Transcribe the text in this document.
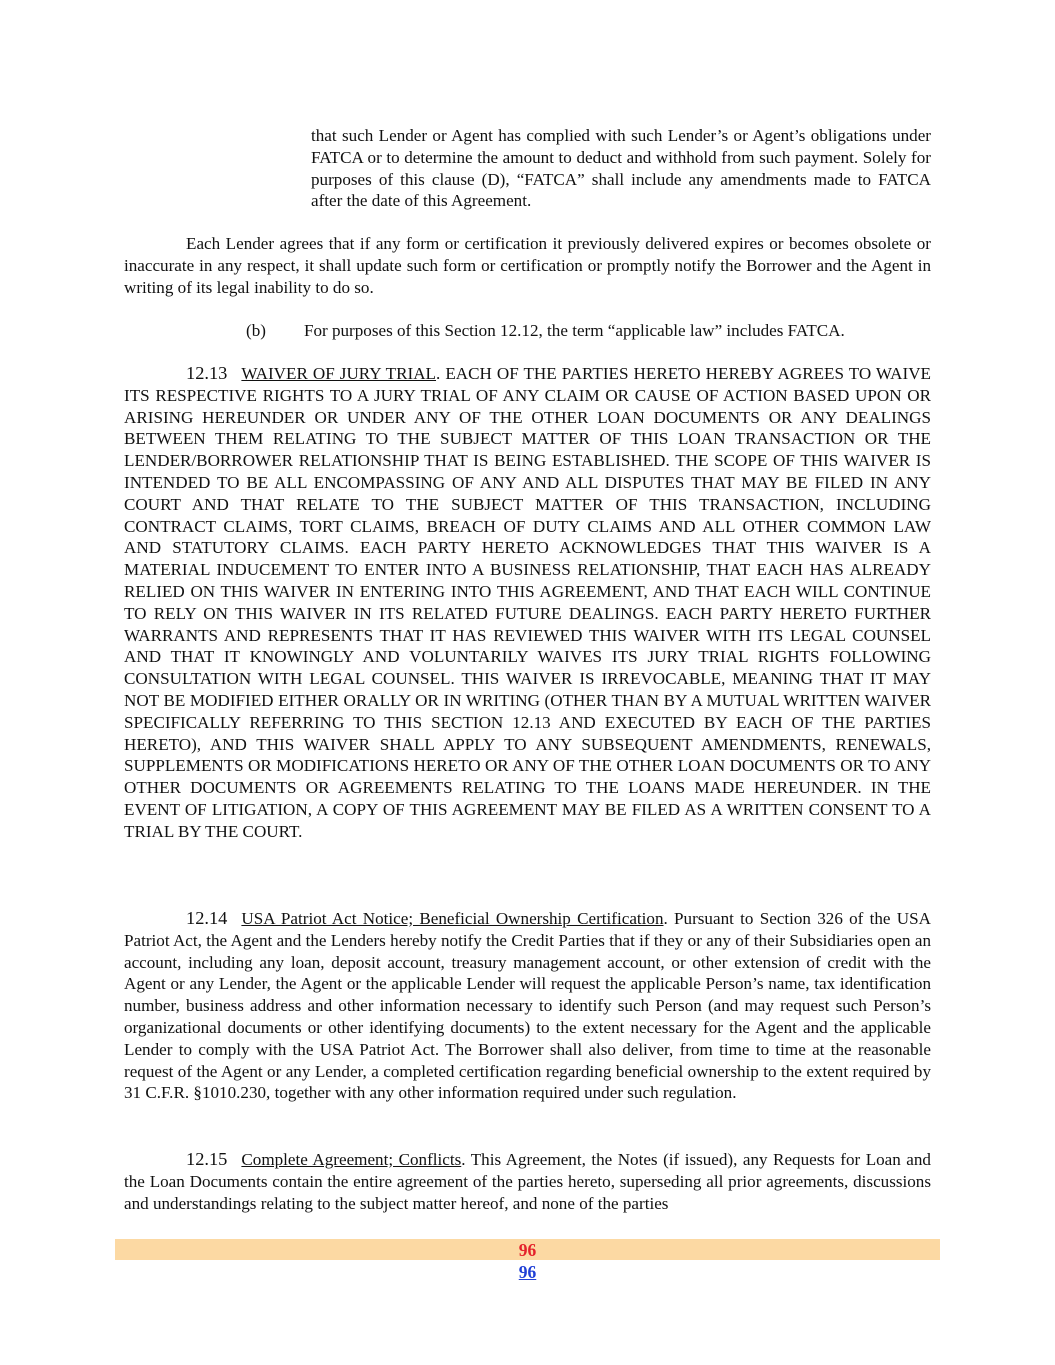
that such Lender or Agent has complied with such Lender’s or Agent’s obligations under FATCA or to determine the amount to deduct and withhold from such payment. Solely for purposes of this clause (D), “FATCA” shall include any amendments made to FATCA after the date of this Agreement.
Each Lender agrees that if any form or certification it previously delivered expires or becomes obsolete or inaccurate in any respect, it shall update such form or certification or promptly notify the Borrower and the Agent in writing of its legal inability to do so.
(b) For purposes of this Section 12.12, the term “applicable law” includes FATCA.
12.13 WAIVER OF JURY TRIAL. EACH OF THE PARTIES HERETO HEREBY AGREES TO WAIVE ITS RESPECTIVE RIGHTS TO A JURY TRIAL OF ANY CLAIM OR CAUSE OF ACTION BASED UPON OR ARISING HEREUNDER OR UNDER ANY OF THE OTHER LOAN DOCUMENTS OR ANY DEALINGS BETWEEN THEM RELATING TO THE SUBJECT MATTER OF THIS LOAN TRANSACTION OR THE LENDER/BORROWER RELATIONSHIP THAT IS BEING ESTABLISHED. THE SCOPE OF THIS WAIVER IS INTENDED TO BE ALL ENCOMPASSING OF ANY AND ALL DISPUTES THAT MAY BE FILED IN ANY COURT AND THAT RELATE TO THE SUBJECT MATTER OF THIS TRANSACTION, INCLUDING CONTRACT CLAIMS, TORT CLAIMS, BREACH OF DUTY CLAIMS AND ALL OTHER COMMON LAW AND STATUTORY CLAIMS. EACH PARTY HERETO ACKNOWLEDGES THAT THIS WAIVER IS A MATERIAL INDUCEMENT TO ENTER INTO A BUSINESS RELATIONSHIP, THAT EACH HAS ALREADY RELIED ON THIS WAIVER IN ENTERING INTO THIS AGREEMENT, AND THAT EACH WILL CONTINUE TO RELY ON THIS WAIVER IN ITS RELATED FUTURE DEALINGS. EACH PARTY HERETO FURTHER WARRANTS AND REPRESENTS THAT IT HAS REVIEWED THIS WAIVER WITH ITS LEGAL COUNSEL AND THAT IT KNOWINGLY AND VOLUNTARILY WAIVES ITS JURY TRIAL RIGHTS FOLLOWING CONSULTATION WITH LEGAL COUNSEL. THIS WAIVER IS IRREVOCABLE, MEANING THAT IT MAY NOT BE MODIFIED EITHER ORALLY OR IN WRITING (OTHER THAN BY A MUTUAL WRITTEN WAIVER SPECIFICALLY REFERRING TO THIS SECTION 12.13 AND EXECUTED BY EACH OF THE PARTIES HERETO), AND THIS WAIVER SHALL APPLY TO ANY SUBSEQUENT AMENDMENTS, RENEWALS, SUPPLEMENTS OR MODIFICATIONS HERETO OR ANY OF THE OTHER LOAN DOCUMENTS OR TO ANY OTHER DOCUMENTS OR AGREEMENTS RELATING TO THE LOANS MADE HEREUNDER. IN THE EVENT OF LITIGATION, A COPY OF THIS AGREEMENT MAY BE FILED AS A WRITTEN CONSENT TO A TRIAL BY THE COURT.
12.14 USA Patriot Act Notice; Beneficial Ownership Certification. Pursuant to Section 326 of the USA Patriot Act, the Agent and the Lenders hereby notify the Credit Parties that if they or any of their Subsidiaries open an account, including any loan, deposit account, treasury management account, or other extension of credit with the Agent or any Lender, the Agent or the applicable Lender will request the applicable Person’s name, tax identification number, business address and other information necessary to identify such Person (and may request such Person’s organizational documents or other identifying documents) to the extent necessary for the Agent and the applicable Lender to comply with the USA Patriot Act. The Borrower shall also deliver, from time to time at the reasonable request of the Agent or any Lender, a completed certification regarding beneficial ownership to the extent required by 31 C.F.R. §1010.230, together with any other information required under such regulation.
12.15 Complete Agreement; Conflicts. This Agreement, the Notes (if issued), any Requests for Loan and the Loan Documents contain the entire agreement of the parties hereto, superseding all prior agreements, discussions and understandings relating to the subject matter hereof, and none of the parties
96
96
